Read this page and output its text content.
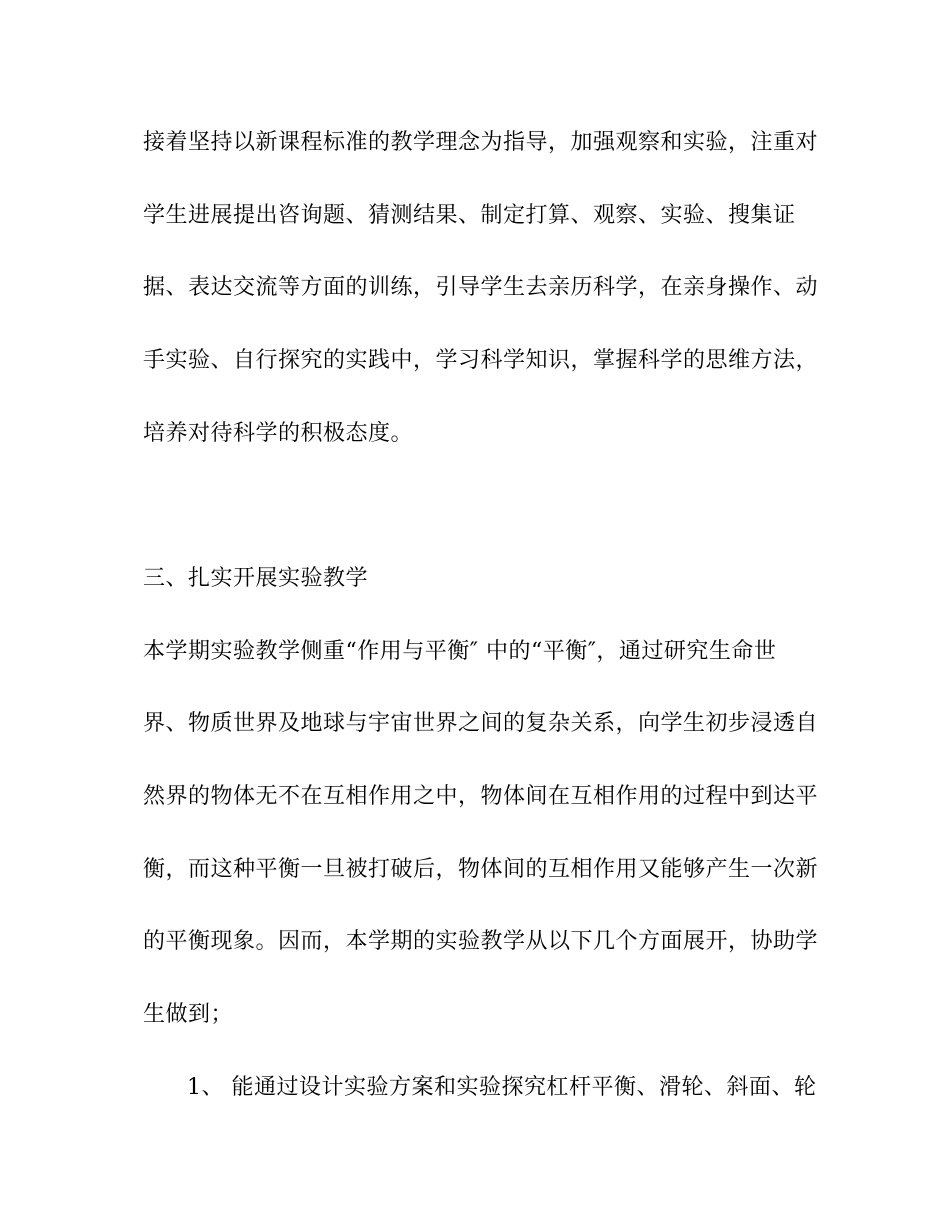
接着坚持以新课程标准的教学理念为指导，加强观察和实验，注重对
学生进展提出咨询题、猜测结果、制定打算、观察、实验、搜集证
据、表达交流等方面的训练，引导学生去亲历科学，在亲身操作、动
手实验、自行探究的实践中，学习科学知识，掌握科学的思维方法，
培养对待科学的积极态度。
三、扎实开展实验教学
本学期实验教学侧重“作用与平衡″ 中的“平衡″，通过研究生命世
界、物质世界及地球与宇宙世界之间的复杂关系，向学生初步浸透自
然界的物体无不在互相作用之中，物体间在互相作用的过程中到达平
衡，而这种平衡一旦被打破后，物体间的互相作用又能够产生一次新
的平衡现象。因而，本学期的实验教学从以下几个方面展开，协助学
生做到；
1、 能通过设计实验方案和实验探究杠杆平衡、滑轮、斜面、轮
